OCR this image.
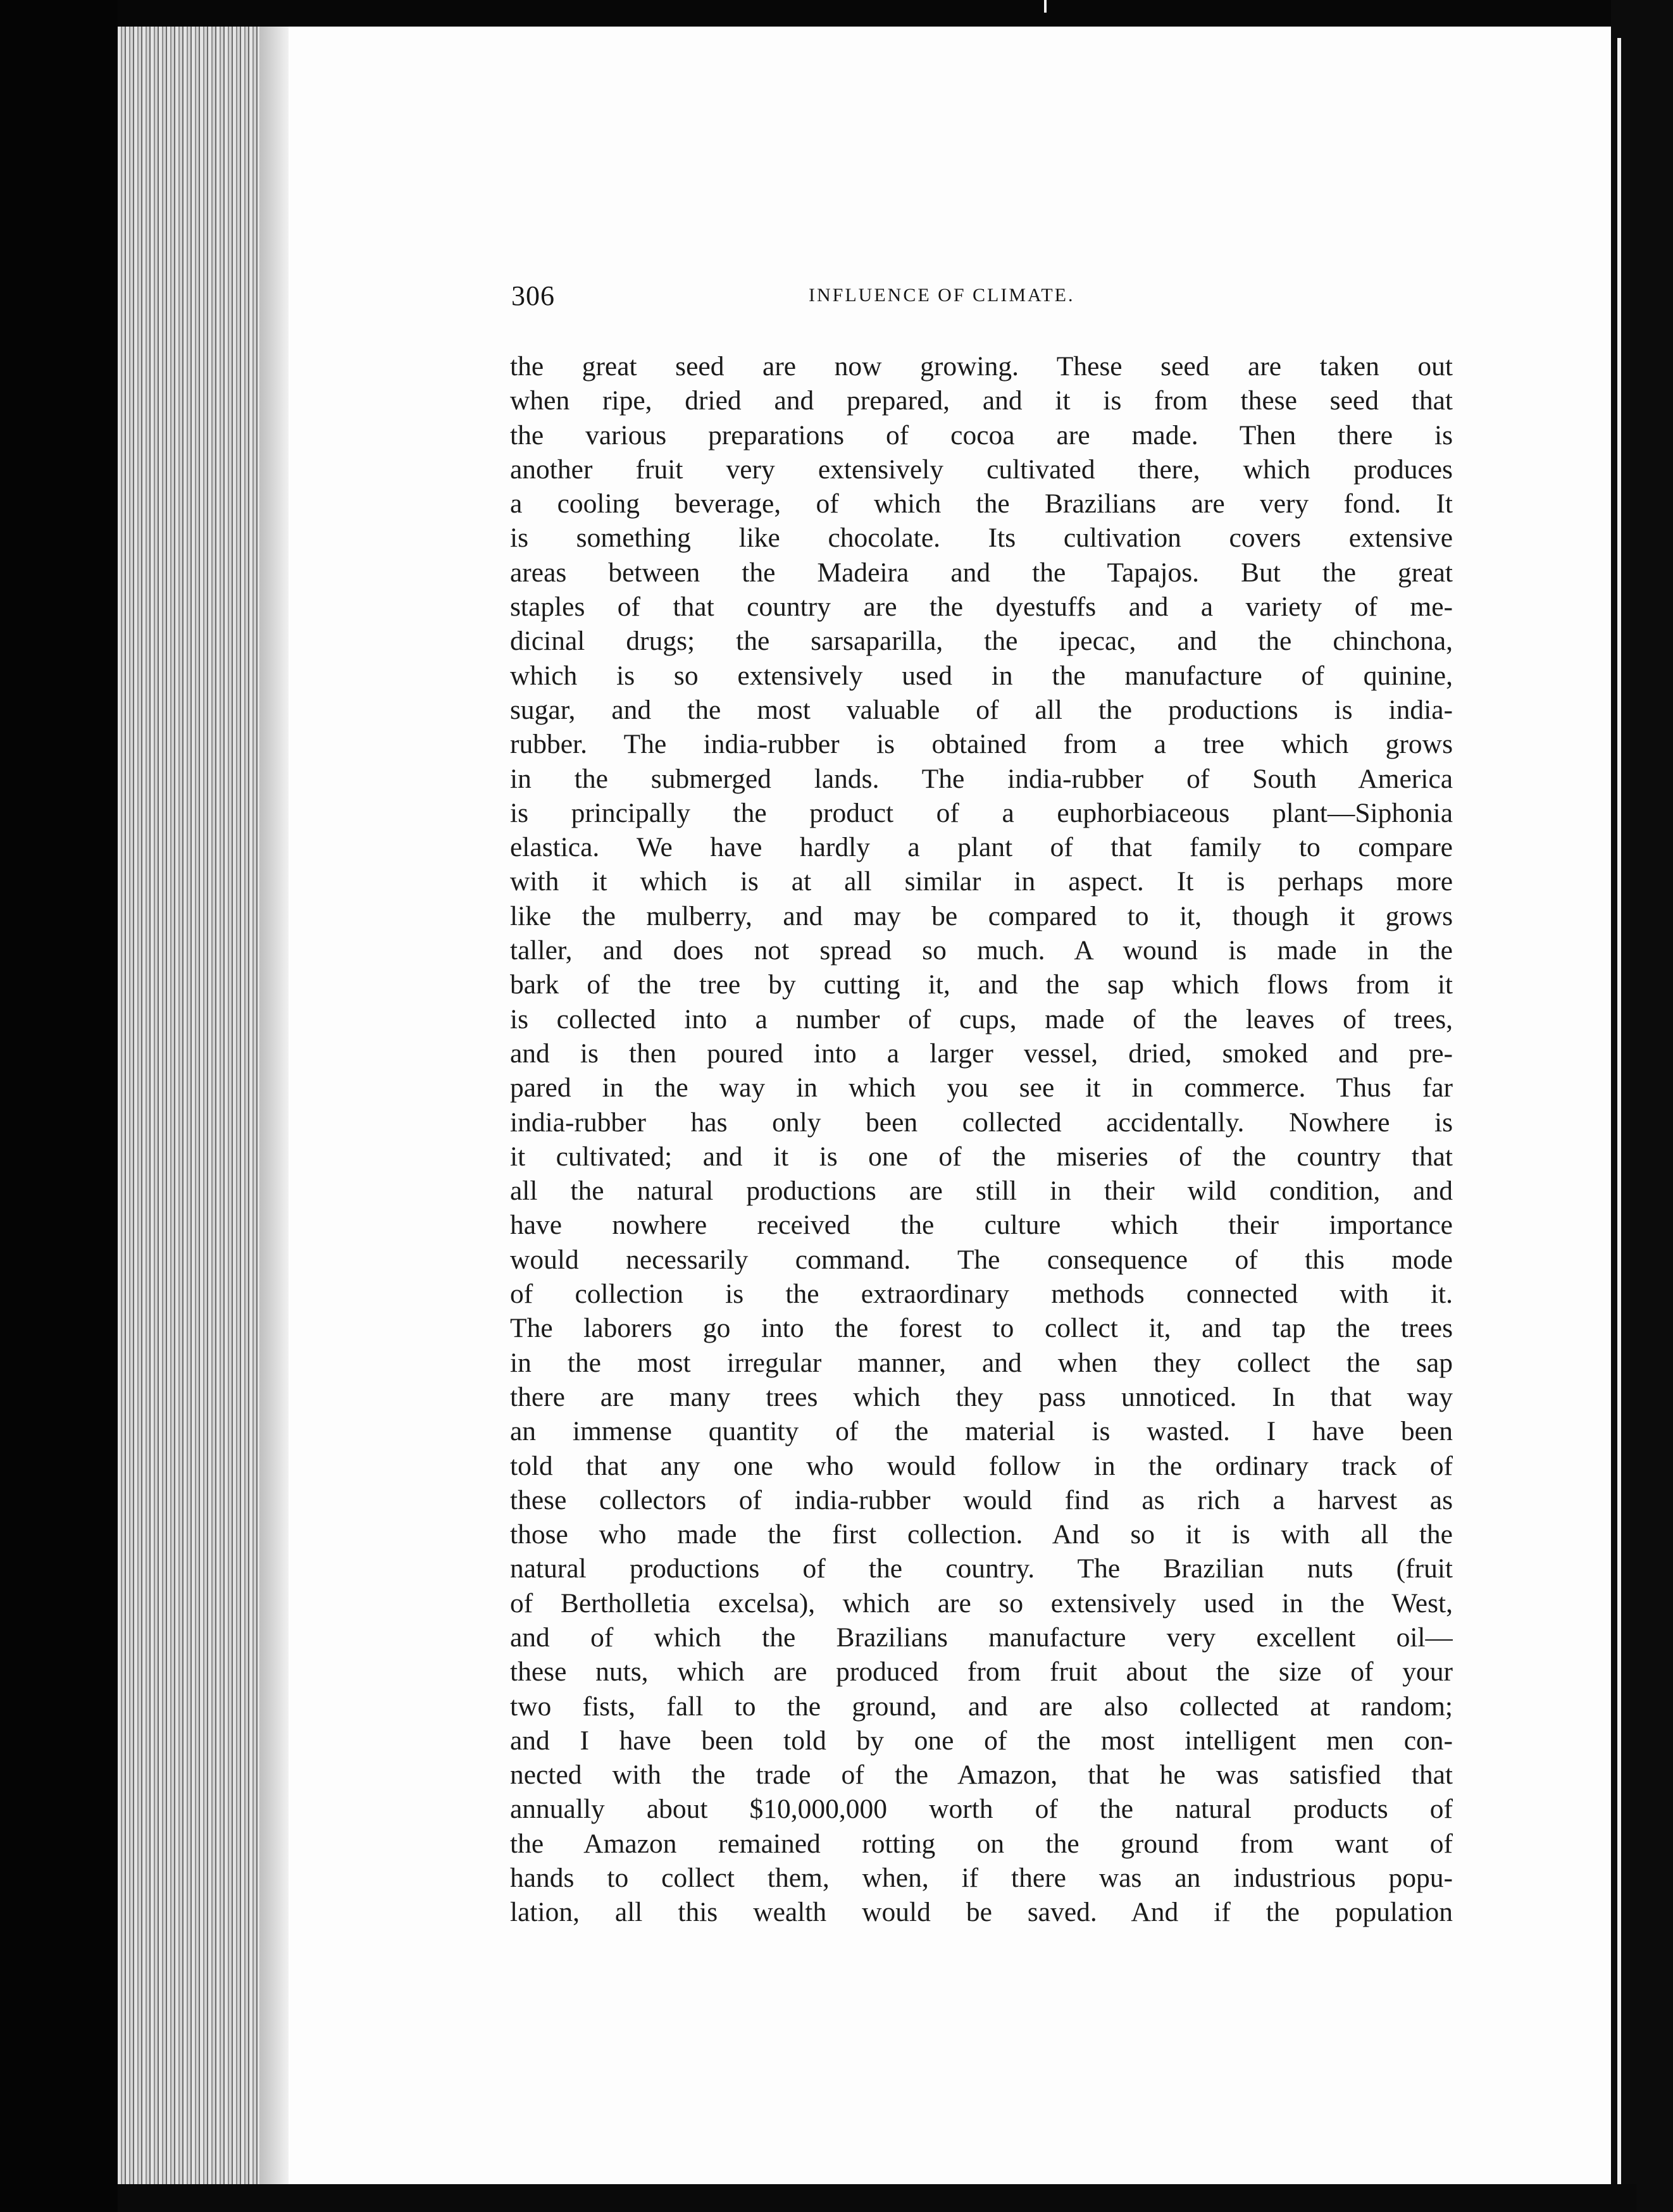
306	INFLUENCE OF CLIMATE.
the great seed are now growing. These seed are taken out
when ripe, dried and prepared, and it is from these seed that
the various preparations of cocoa are made. Then there is
another fruit very extensively cultivated there, which produces
a cooling beverage, of which the Brazilians are very fond. It
is something like chocolate. Its cultivation covers extensive
areas between the Madeira and the Tapajos. But the great
staples of that country are the dyestuffs and a variety of me-
dicinal drugs; the sarsaparilla, the ipecac, and the chinchona,
which is so extensively used in the manufacture of quinine,
sugar, and the most valuable of all the productions is india-
rubber. The india-rubber is obtained from a tree which grows
in the submerged lands. The india-rubber of South America
is principally the product of a euphorbiaceous plant—Siphonia
elastica. We have hardly a plant of that family to compare
with it which is at all similar in aspect. It is perhaps more
like the mulberry, and may be compared to it, though it grows
taller, and does not spread so much. A wound is made in the
bark of the tree by cutting it, and the sap which flows from it
is collected into a number of cups, made of the leaves of trees,
and is then poured into a larger vessel, dried, smoked and pre-
pared in the way in which you see it in commerce. Thus far
india-rubber has only been collected accidentally. Nowhere is
it cultivated; and it is one of the miseries of the country that
all the natural productions are still in their wild condition, and
have nowhere received the culture which their importance
would necessarily command. The consequence of this mode
of collection is the extraordinary methods connected with it.
The laborers go into the forest to collect it, and tap the trees
in the most irregular manner, and when they collect the sap
there are many trees which they pass unnoticed. In that way
an immense quantity of the material is wasted. I have been
told that any one who would follow in the ordinary track of
these collectors of india-rubber would find as rich a harvest as
those who made the first collection. And so it is with all the
natural productions of the country. The Brazilian nuts (fruit
of Bertholletia excelsa), which are so extensively used in the West,
and of which the Brazilians manufacture very excellent oil—
these nuts, which are produced from fruit about the size of your
two fists, fall to the ground, and are also collected at random;
and I have been told by one of the most intelligent men con-
nected with the trade of the Amazon, that he was satisfied that
annually about $10,000,000 worth of the natural products of
the Amazon remained rotting on the ground from want of
hands to collect them, when, if there was an industrious popu-
lation, all this wealth would be saved. And if the population
